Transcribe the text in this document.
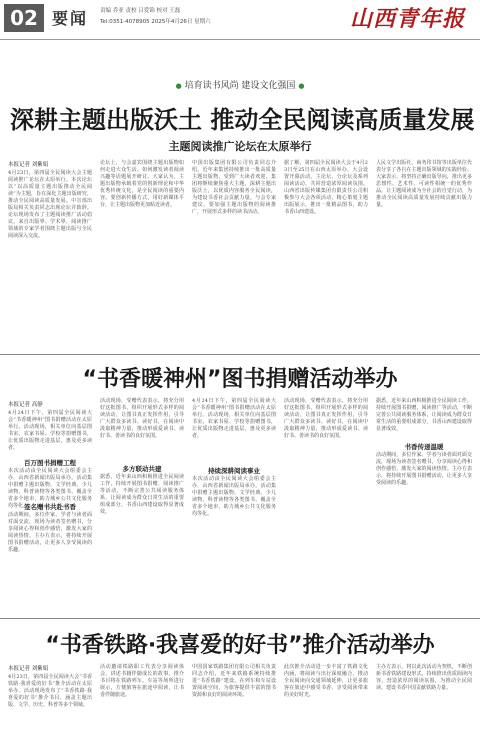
02 要闻 责编 乔亚 责校 吕爱锦 校对 王磊
Tel:0351-4078905 2025年4月26日 星期六	山西青年报
● 培育读书风尚 建设文化强国 ●
深耕主题出版沃土 推动全民阅读高质量发展
主题阅读推广论坛在太原举行
本报记者 刘紫娟
4月23日，第四届全民阅读大会主题阅读推广论坛在太原举行。本次论坛以“以高质量主题出版推动全民阅读”为主题，旨在深化主题出版研究，推动全民阅读高质量发展。中宣部出版局相关负责同志出席论坛并致辞。论坛现场发布了主题阅读推广活动倡议，来自出版界、学术界、阅读推广领域的专家学者围绕主题出版与全民阅读深入交流。
论坛上，与会嘉宾围绕主题出版物如何走进大众生活、如何激发读者阅读兴趣等话题展开研讨。大家认为，主题出版物承载着党的创新理论和中华优秀传统文化，是全民阅读的重要内容。要创新传播方式，用好新媒体平台，让主题出版物更加贴近读者。
中国出版集团有限公司负责同志介绍，近年来集团持续推出一批高质量主题出版物，受到广大读者欢迎。集团将继续聚焦重大主题，深耕主题出版沃土，以优质内容服务全民阅读，为建设书香社会贡献力量。与会专家建议，要加强主题出版物的阅读推广，开展形式多样的读书活动。
据了解，第四届全民阅读大会于4月23日至25日在山西太原举办，大会设置开幕活动、主论坛、分论坛及系列阅读活动，共同营造浓厚阅读氛围。山西省出版传媒集团有限责任公司积极参与大会各项活动，精心策划主题出版展示，推出一批精品图书，助力书香山西建设。
人民文学出版社、商务印书馆等出版单位代表分享了各自在主题出版领域的实践经验。大家表示，将坚持正确出版导向，推出更多思想性、艺术性、可读性相统一的优秀作品，让主题阅读成为全社会的自觉行动，为推动全民阅读高质量发展持续贡献出版力量。
“书香暖神州”图书捐赠活动举办
本报记者 高静
4月24日下午，第四届全民阅读大会“书香暖神州”图书捐赠活动在太原举行。活动现场，相关单位向基层图书室、农家书屋、学校等捐赠图书，让优质出版物走进基层，惠及更多读者。
百万图书捐赠工程
本次活动由全民阅读大会组委会主办，山西省新闻出版局承办。活动集中捐赠主题出版物、文学经典、少儿读物、科普读物等各类图书，覆盖全省多个地市，助力城乡公共文化服务均等化。
签名赠书共赴书香
活动期间，多位作家、学者与读者面对面交流，现场为读者签名赠书，分享阅读心得和创作感悟，激发大家的阅读热情。主办方表示，将持续开展图书捐赠活动，让更多人享受阅读的乐趣。
活动现场，受赠代表表示，将充分用好这批图书，组织开展形式多样的阅读活动，让图书真正发挥作用，引导广大群众多读书、读好书，在阅读中汲取精神力量，推动形成爱读书、读好书、善读书的良好氛围。
多方联动共建
据悉，近年来山西积极推进全民阅读工作，持续开展图书捐赠、阅读推广等活动，不断完善公共阅读服务体系，让阅读成为群众日常生活的重要组成部分，书香山西建设取得显著成效。
4月24日下午，第四届全民阅读大会“书香暖神州”图书捐赠活动在太原举行。活动现场，相关单位向基层图书室、农家书屋、学校等捐赠图书，让优质出版物走进基层，惠及更多读者。
持续深耕阅读事业
本次活动由全民阅读大会组委会主办，山西省新闻出版局承办。活动集中捐赠主题出版物、文学经典、少儿读物、科普读物等各类图书，覆盖全省多个地市，助力城乡公共文化服务均等化。
活动现场，受赠代表表示，将充分用好这批图书，组织开展形式多样的阅读活动，让图书真正发挥作用，引导广大群众多读书、读好书，在阅读中汲取精神力量，推动形成爱读书、读好书、善读书的良好氛围。
据悉，近年来山西积极推进全民阅读工作，持续开展图书捐赠、阅读推广等活动，不断完善公共阅读服务体系，让阅读成为群众日常生活的重要组成部分，书香山西建设取得显著成效。
书香传递温暖
活动期间，多位作家、学者与读者面对面交流，现场为读者签名赠书，分享阅读心得和创作感悟，激发大家的阅读热情。主办方表示，将持续开展图书捐赠活动，让更多人享受阅读的乐趣。
“书香铁路·我喜爱的好书”推介活动举办
本报记者 刘紫娟
4月23日，第四届全民阅读大会“书香铁路·我喜爱的好书”推介活动在太原举办。活动现场发布了“书香铁路·我喜爱的好书”推介书目，涵盖主题出版、文学、历史、科普等多个领域。
活动邀请铁路职工代表分享阅读体会，讲述书籍伴随成长的故事。推介书目将在铁路列车、车站等场所进行展示，方便旅客在旅途中阅读，让书香伴随旅途。
中国国家铁路集团有限公司相关负责同志介绍，近年来铁路系统持续推进“书香铁路”建设，在列车和车站设置阅读空间，为旅客提供丰富的图书资源和良好的阅读环境。
此次推介活动进一步丰富了铁路文化内涵，将阅读与出行深度融合，推动全民阅读向交通领域延伸，让更多旅客在旅途中感受书香，享受阅读带来的美好时光。
主办方表示，将以此次活动为契机，不断创新书香铁路建设形式，持续推出优质阅读内容，营造浓厚的阅读氛围，为推动全民阅读、建设书香中国贡献铁路力量。
